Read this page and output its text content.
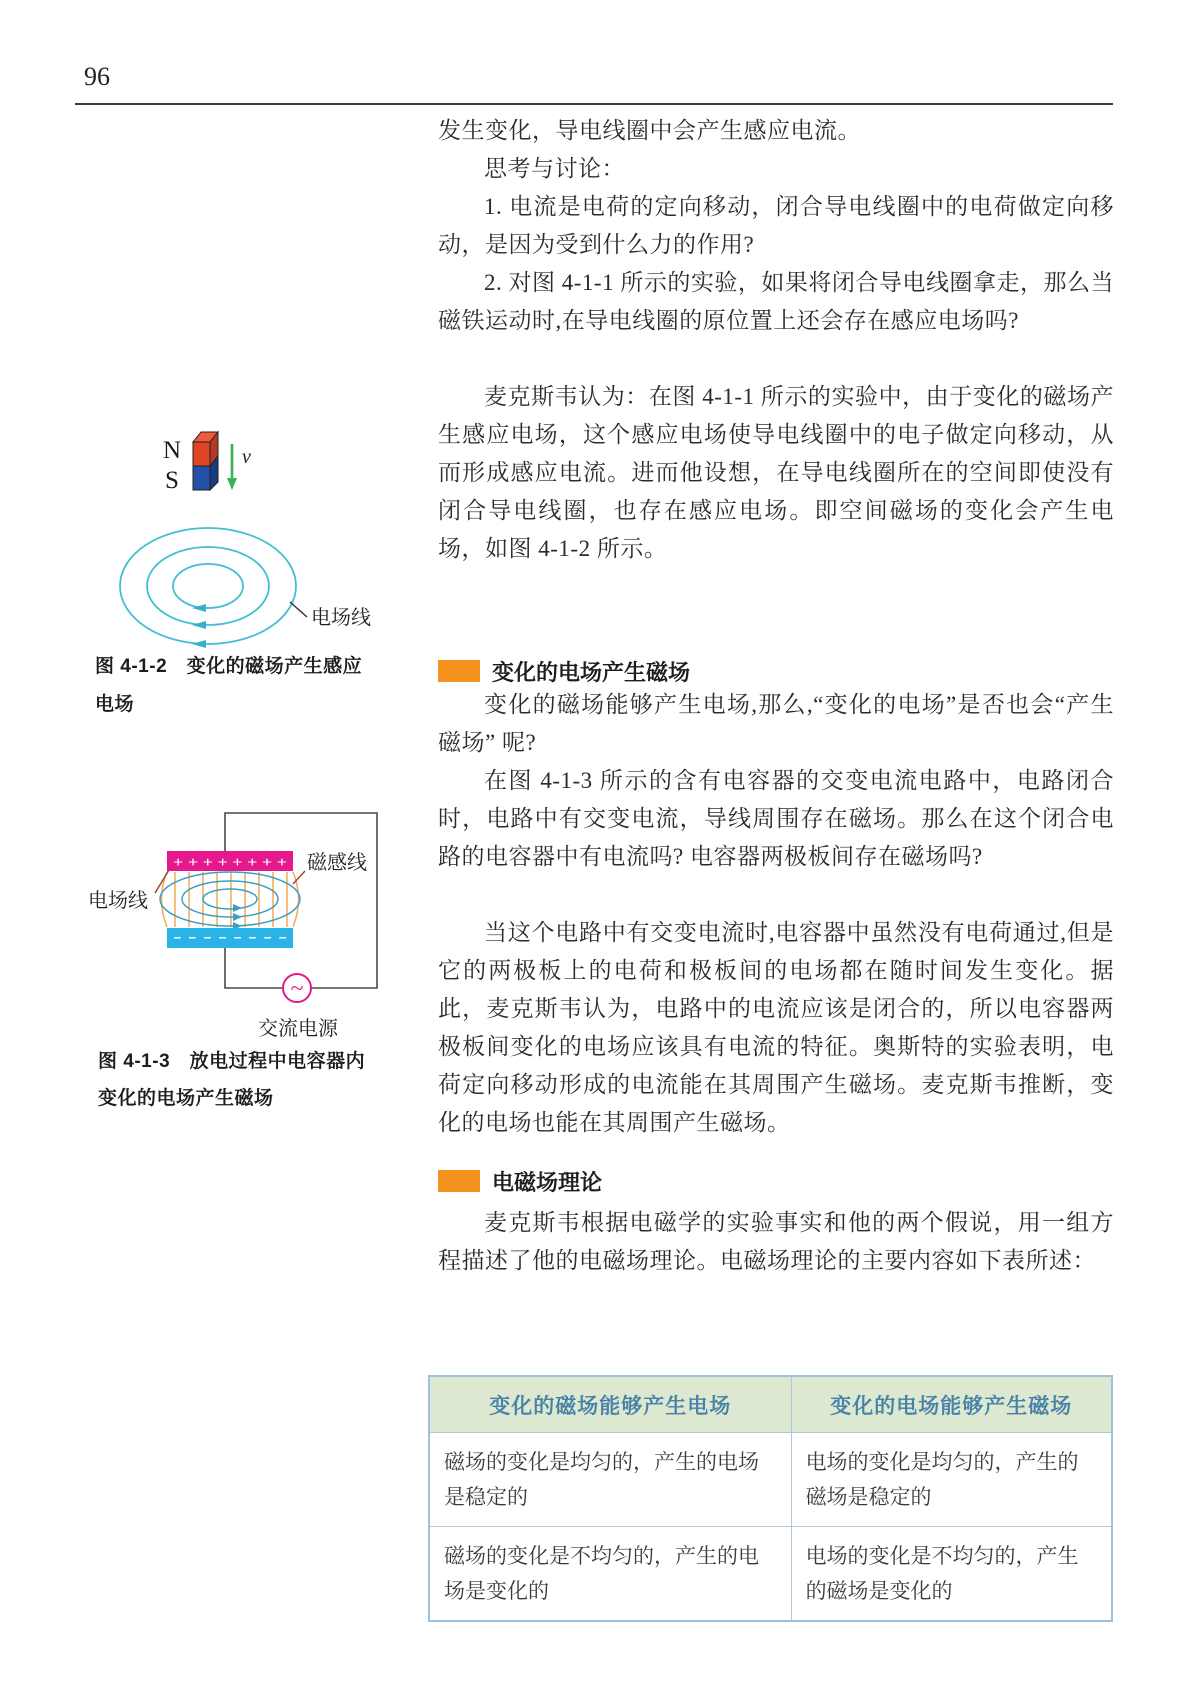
96
发生变化，导电线圈中会产生感应电流。
思考与讨论：
1. 电流是电荷的定向移动，闭合导电线圈中的电荷做定向移动，是因为受到什么力的作用?
2. 对图 4-1-1 所示的实验，如果将闭合导电线圈拿走，那么当磁铁运动时,在导电线圈的原位置上还会存在感应电场吗?
麦克斯韦认为：在图 4-1-1 所示的实验中，由于变化的磁场产生感应电场，这个感应电场使导电线圈中的电子做定向移动，从而形成感应电流。进而他设想，在导电线圈所在的空间即使没有闭合导电线圈，也存在感应电场。即空间磁场的变化会产生电场，如图 4-1-2 所示。
变化的电场产生磁场
变化的磁场能够产生电场,那么,“变化的电场”是否也会“产生磁场” 呢?
在图 4-1-3 所示的含有电容器的交变电流电路中，电路闭合时，电路中有交变电流，导线周围存在磁场。那么在这个闭合电路的电容器中有电流吗? 电容器两极板间存在磁场吗?
当这个电路中有交变电流时,电容器中虽然没有电荷通过,但是它的两极板上的电荷和极板间的电场都在随时间发生变化。据此，麦克斯韦认为，电路中的电流应该是闭合的，所以电容器两极板间变化的电场应该具有电流的特征。奥斯特的实验表明，电荷定向移动形成的电流能在其周围产生磁场。麦克斯韦推断，变化的电场也能在其周围产生磁场。
电磁场理论
麦克斯韦根据电磁学的实验事实和他的两个假说，用一组方程描述了他的电磁场理论。电磁场理论的主要内容如下表所述：
N
S
v
电场线
图 4-1-2　变化的磁场产生感应
电场
+ + + + + + + +
- - - - - - - -
电场线
磁感线
~
交流电源
图 4-1-3　放电过程中电容器内
变化的电场产生磁场
变化的磁场能够产生电场	变化的电场能够产生磁场
磁场的变化是均匀的，产生的电场是稳定的	电场的变化是均匀的，产生的磁场是稳定的
磁场的变化是不均匀的，产生的电场是变化的	电场的变化是不均匀的，产生的磁场是变化的
